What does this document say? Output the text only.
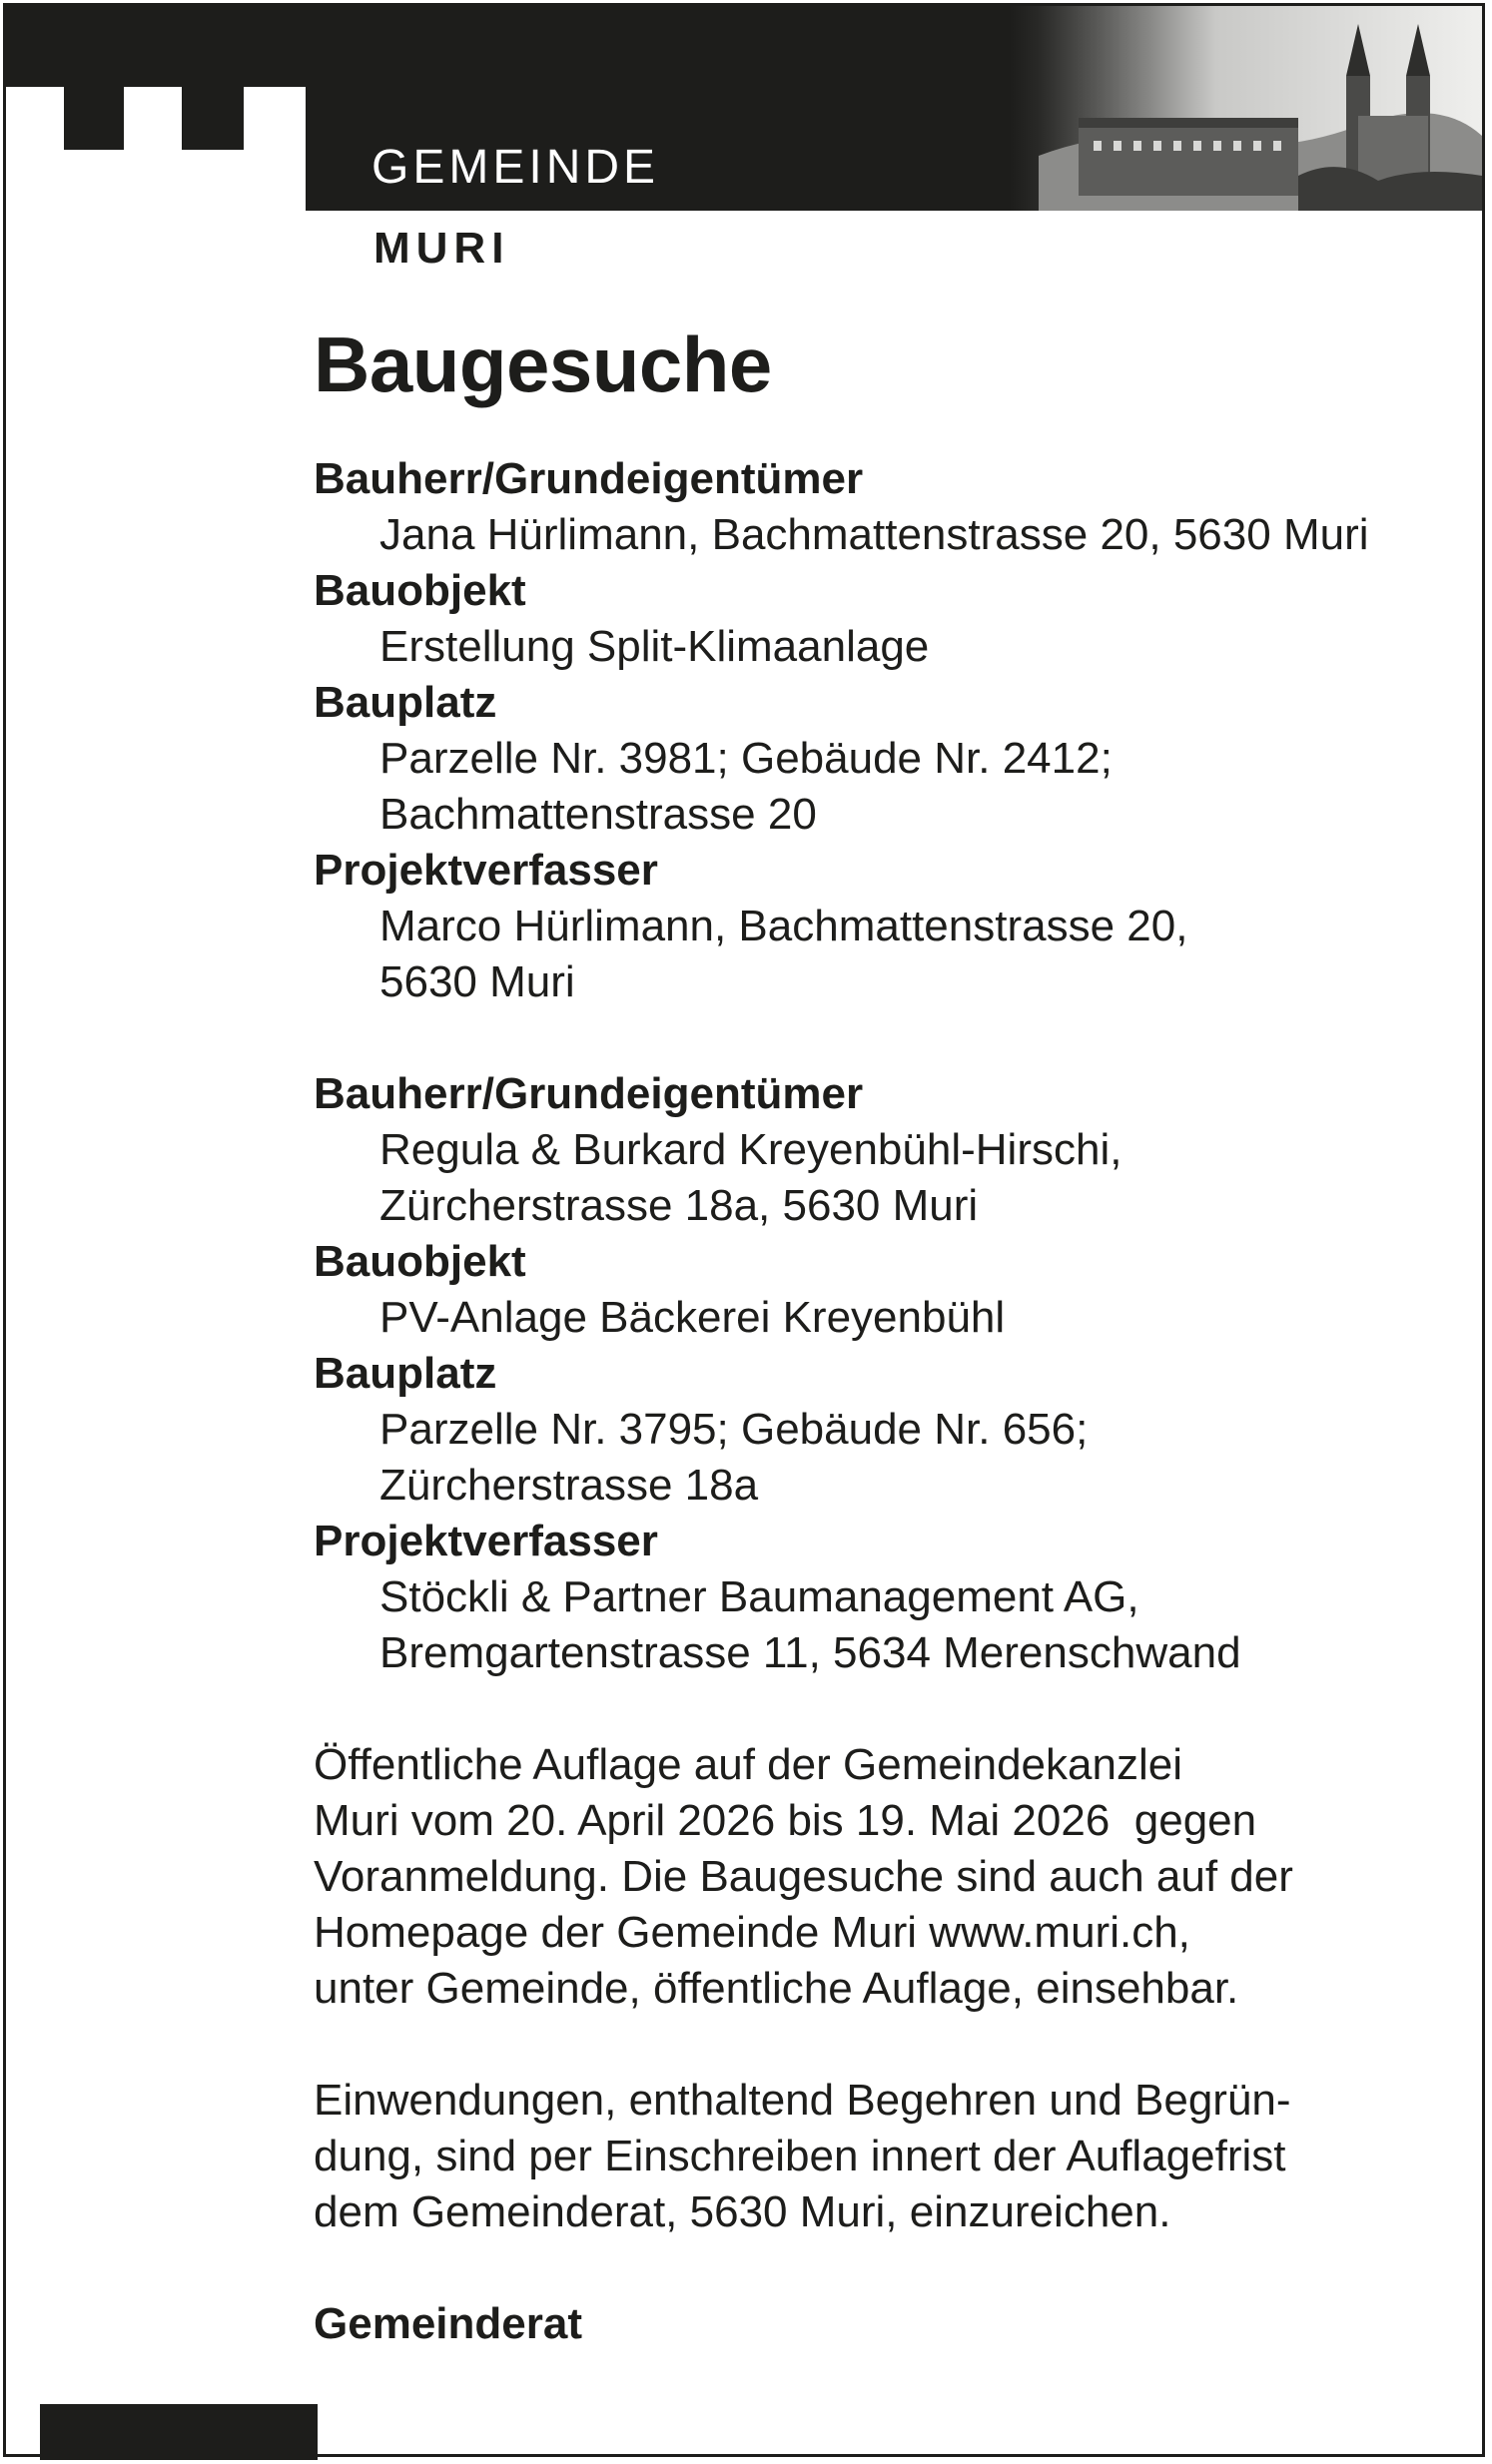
GEMEINDE
MURI
Baugesuche

Bauherr/Grundeigentümer

Jana Hürlimann, Bachmattenstrasse 20, 5630 Muri

Bauobjekt

Erstellung Split-Klimaanlage

Bauplatz

Parzelle Nr. 3981; Gebäude Nr. 2412;

Bachmattenstrasse 20

Projektverfasser

Marco Hürlimann, Bachmattenstrasse 20,

5630 Muri

Bauherr/Grundeigentümer

Regula & Burkard Kreyenbühl-Hirschi,

Zürcherstrasse 18a, 5630 Muri

Bauobjekt

PV-Anlage Bäckerei Kreyenbühl

Bauplatz

Parzelle Nr. 3795; Gebäude Nr. 656;

Zürcherstrasse 18a

Projektverfasser

Stöckli & Partner Baumanagement AG,

Bremgartenstrasse 11, 5634 Merenschwand

Öffentliche Auflage auf der Gemeindekanzlei
Muri vom 20. April 2026 bis 19. Mai 2026  gegen
Voranmeldung. Die Baugesuche sind auch auf der
Homepage der Gemeinde Muri www.muri.ch,
unter Gemeinde, öffentliche Auflage, einsehbar.
Einwendungen, enthaltend Begehren und Begrün-
dung, sind per Einschreiben innert der Auflagefrist
dem Gemeinderat, 5630 Muri, einzureichen.
Gemeinderat
